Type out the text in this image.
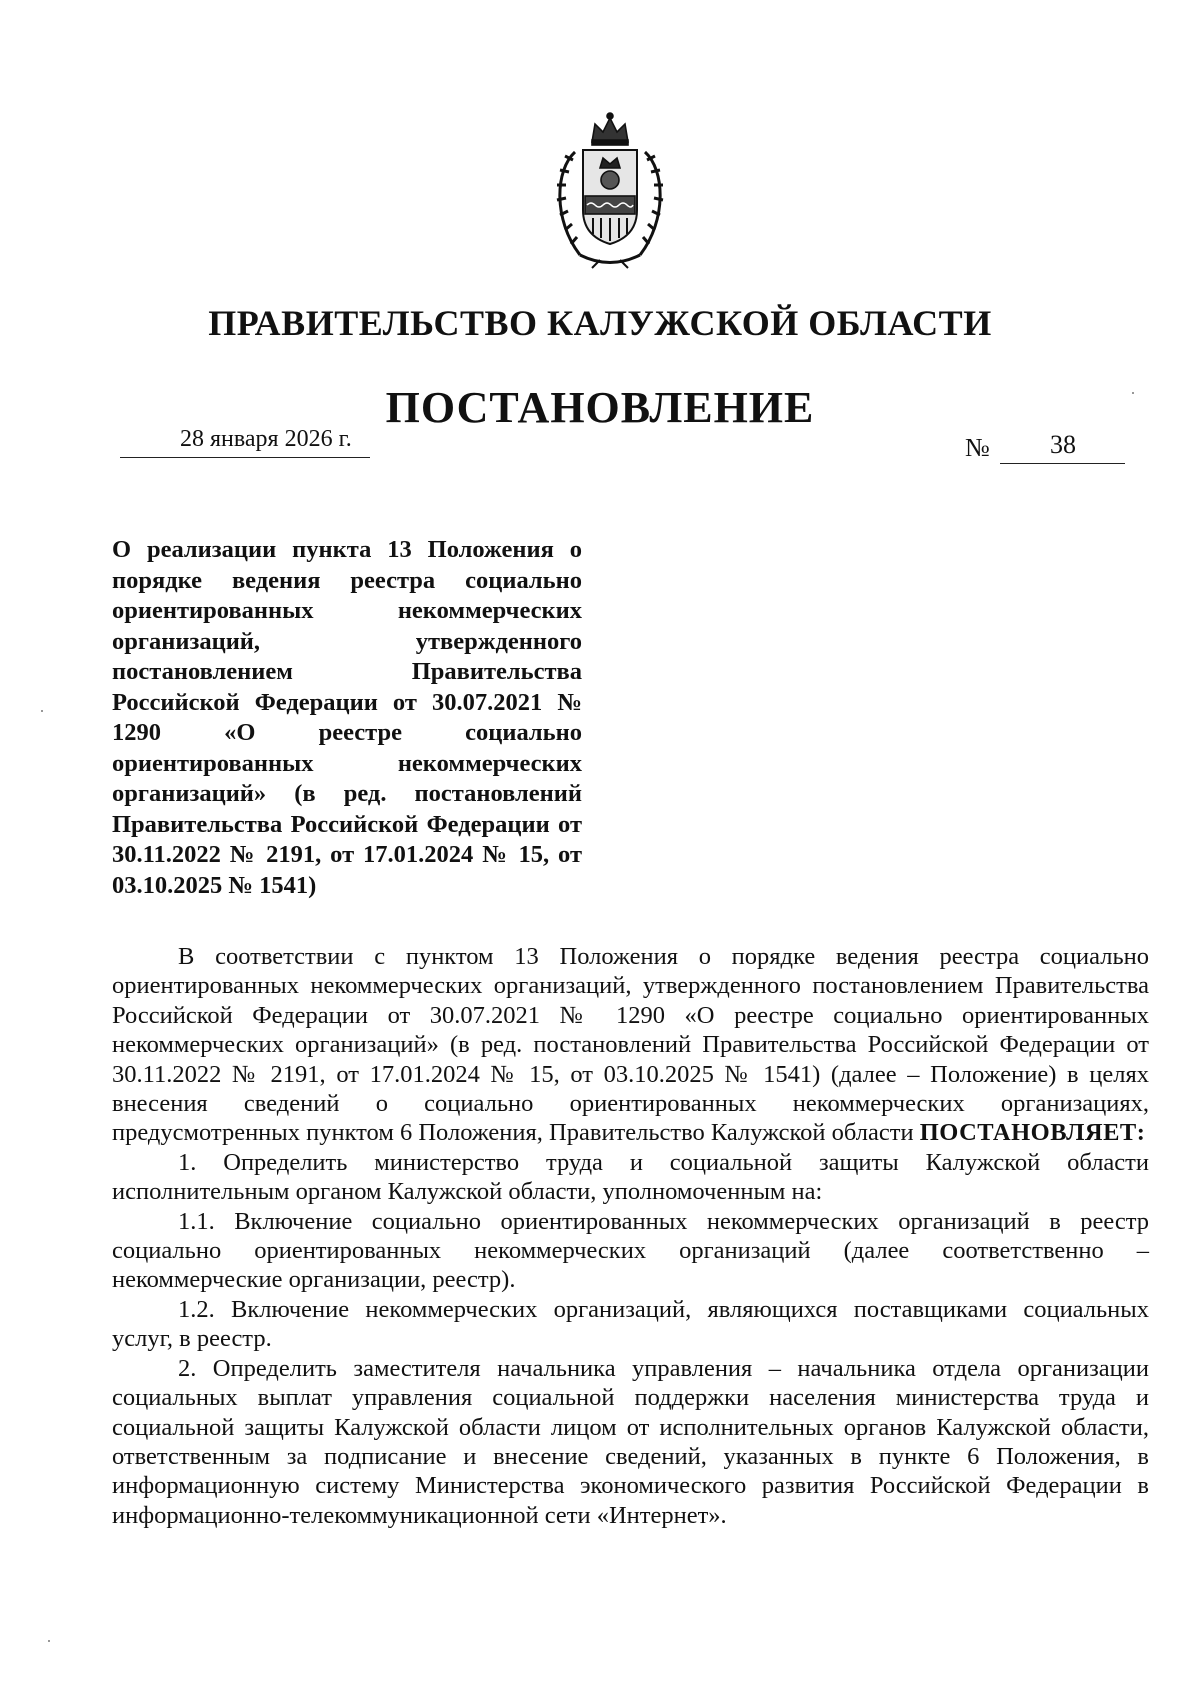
ПРАВИТЕЛЬСТВО КАЛУЖСКОЙ ОБЛАСТИ
ПОСТАНОВЛЕНИЕ
28 января 2026 г.	№ 38

О реализации пункта 13 Положения о порядке ведения реестра социально ориентированных некоммерческих организаций, утвержденного постановлением Правительства Российской Федерации от 30.07.2021 № 1290 «О реестре социально ориентированных некоммерческих организаций» (в ред. постановлений Правительства Российской Федерации от 30.11.2022 № 2191, от 17.01.2024 № 15, от 03.10.2025 № 1541)

В соответствии с пунктом 13 Положения о порядке ведения реестра социально ориентированных некоммерческих организаций, утвержденного постановлением Правительства Российской Федерации от 30.07.2021 № 1290 «О реестре социально ориентированных некоммерческих организаций» (в ред. постановлений Правительства Российской Федерации от 30.11.2022 № 2191, от 17.01.2024 № 15, от 03.10.2025 № 1541) (далее – Положение) в целях внесения сведений о социально ориентированных некоммерческих организациях, предусмотренных пунктом 6 Положения, Правительство Калужской области ПОСТАНОВЛЯЕТ:

1. Определить министерство труда и социальной защиты Калужской области исполнительным органом Калужской области, уполномоченным на:

1.1. Включение социально ориентированных некоммерческих организаций в реестр социально ориентированных некоммерческих организаций (далее соответственно – некоммерческие организации, реестр).

1.2. Включение некоммерческих организаций, являющихся поставщиками социальных услуг, в реестр.

2. Определить заместителя начальника управления – начальника отдела организации социальных выплат управления социальной поддержки населения министерства труда и социальной защиты Калужской области лицом от исполнительных органов Калужской области, ответственным за подписание и внесение сведений, указанных в пункте 6 Положения, в информационную систему Министерства экономического развития Российской Федерации в информационно-телекоммуникационной сети «Интернет».
